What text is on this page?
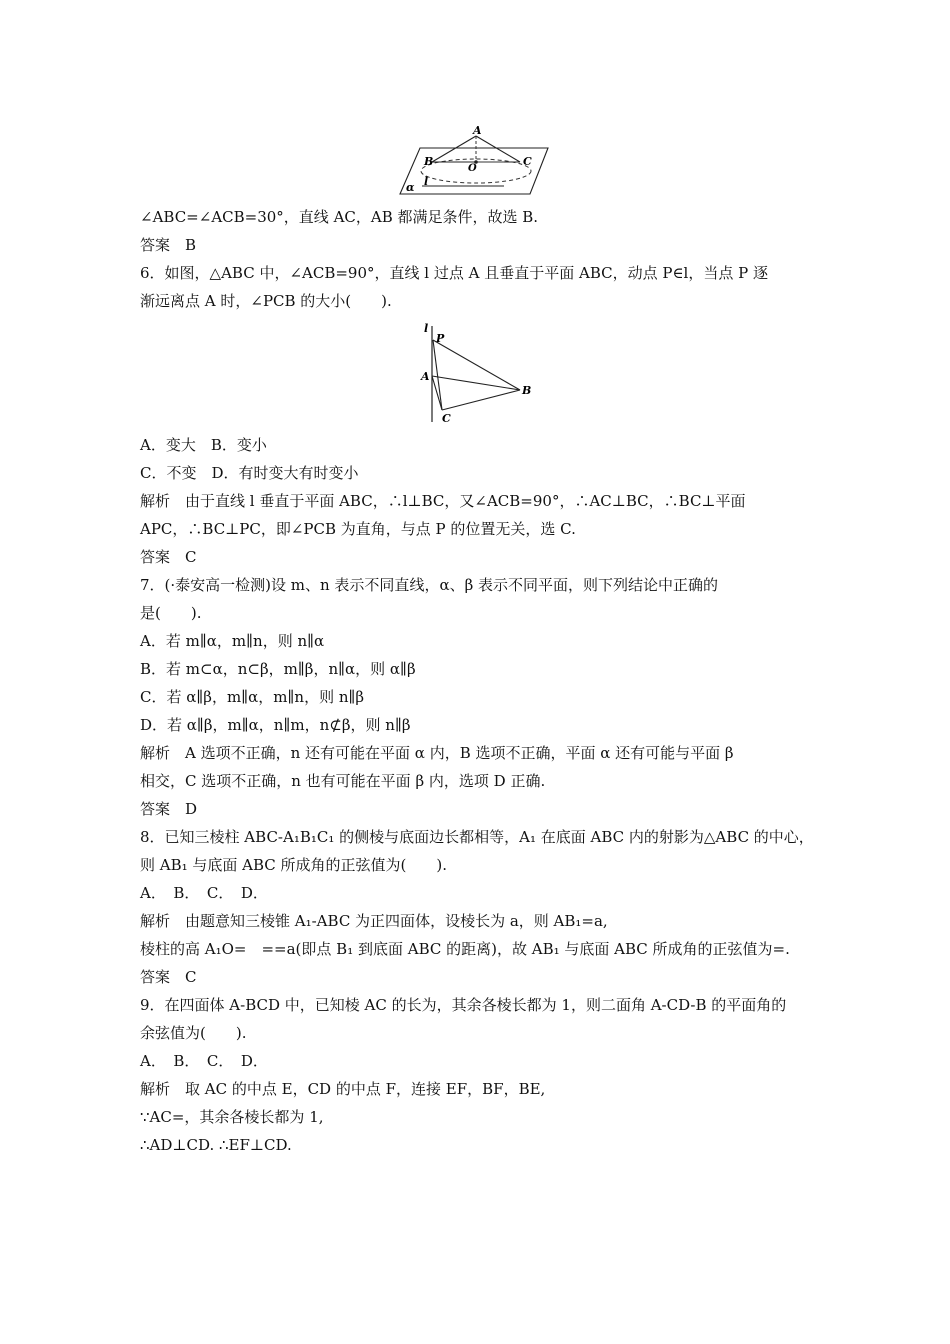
A
B
O
C
α l
∠ABC=∠ACB=30°，直线 AC，AB 都满足条件，故选 B.
答案　B
6．如图，△ABC 中，∠ACB=90°，直线 l 过点 A 且垂直于平面 ABC，动点 P∈l，当点 P 逐
渐远离点 A 时，∠PCB 的大小(　　).
l
P
A
B
C
A．变大　B．变小
C．不变　D．有时变大有时变小
解析　由于直线 l 垂直于平面 ABC，∴l⊥BC，又∠ACB=90°，∴AC⊥BC，∴BC⊥平面
APC，∴BC⊥PC，即∠PCB 为直角，与点 P 的位置无关，选 C.
答案　C
7．(·泰安高一检测)设 m、n 表示不同直线，α、β 表示不同平面，则下列结论中正确的
是(　　).
A．若 m∥α，m∥n，则 n∥α
B．若 m⊂α，n⊂β，m∥β，n∥α，则 α∥β
C．若 α∥β，m∥α，m∥n，则 n∥β
D．若 α∥β，m∥α，n∥m，n⊄β，则 n∥β
解析　A 选项不正确，n 还有可能在平面 α 内，B 选项不正确，平面 α 还有可能与平面 β
相交，C 选项不正确，n 也有可能在平面 β 内，选项 D 正确.
答案　D
8．已知三棱柱 ABC-A₁B₁C₁ 的侧棱与底面边长都相等，A₁ 在底面 ABC 内的射影为△ABC 的中心，
则 AB₁ 与底面 ABC 所成角的正弦值为(　　).
A．　B．　C．　D．
解析　由题意知三棱锥 A₁-ABC 为正四面体，设棱长为 a，则 AB₁=a,
棱柱的高 A₁O=　==a(即点 B₁ 到底面 ABC 的距离)，故 AB₁ 与底面 ABC 所成角的正弦值为=.
答案　C
9．在四面体 A-BCD 中，已知棱 AC 的长为，其余各棱长都为 1，则二面角 A-CD-B 的平面角的
余弦值为(　　).
A．　B．　C．　D．
解析　取 AC 的中点 E，CD 的中点 F，连接 EF，BF，BE,
∵AC=，其余各棱长都为 1,
∴AD⊥CD. ∴EF⊥CD.
